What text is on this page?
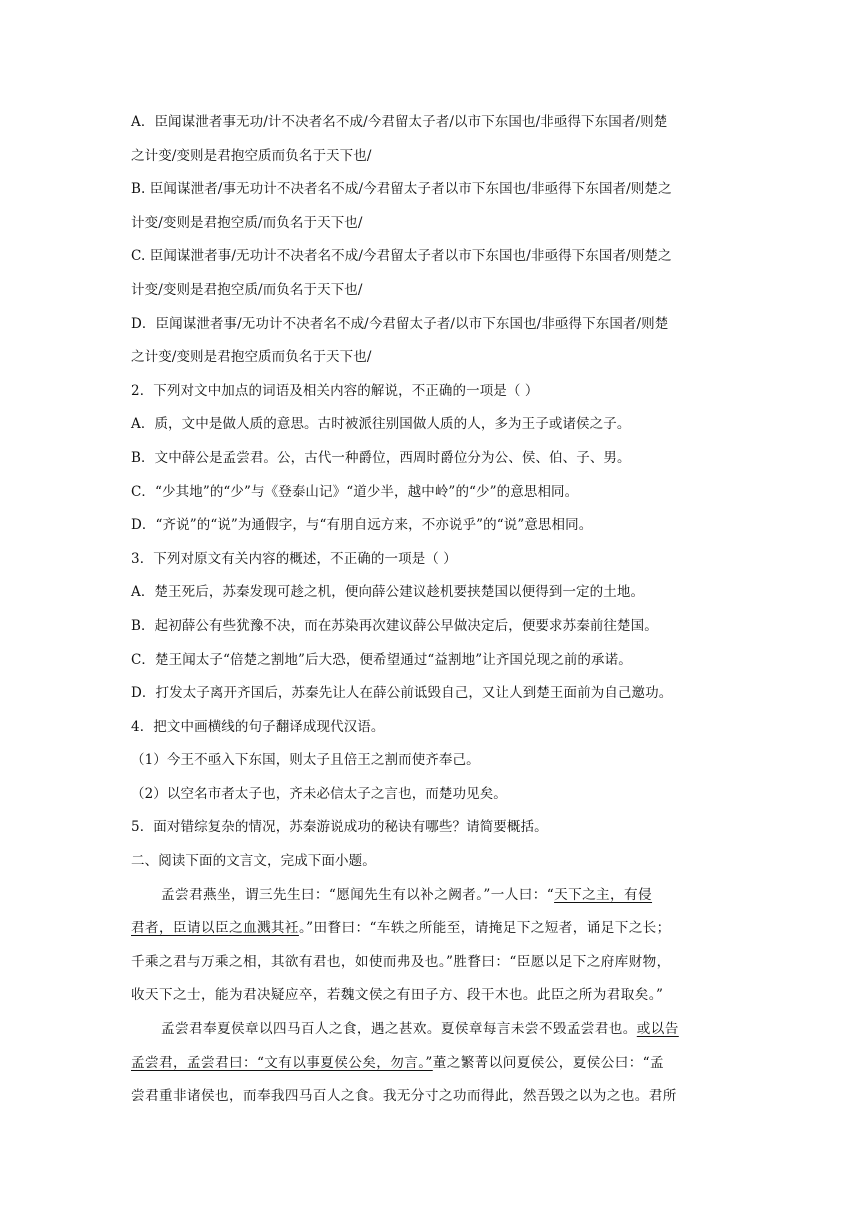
A．臣闻谋泄者事无功/计不决者名不成/今君留太子者/以市下东国也/非亟得下东国者/则楚
之计变/变则是君抱空质而负名于天下也/
B. 臣闻谋泄者/事无功计不决者名不成/今君留太子者以市下东国也/非亟得下东国者/则楚之
计变/变则是君抱空质/而负名于天下也/
C. 臣闻谋泄者事/无功计不决者名不成/今君留太子者以市下东国也/非亟得下东国者/则楚之
计变/变则是君抱空质/而负名于天下也/
D．臣闻谋泄者事/无功计不决者名不成/今君留太子者/以市下东国也/非亟得下东国者/则楚
之计变/变则是君抱空质而负名于天下也/
2．下列对文中加点的词语及相关内容的解说，不正确的一项是（ ）
A．质，文中是做人质的意思。古时被派往别国做人质的人，多为王子或诸侯之子。
B．文中薛公是孟尝君。公，古代一种爵位，西周时爵位分为公、侯、伯、子、男。
C．“少其地”的“少”与《登泰山记》“道少半，越中岭”的“少”的意思相同。
D．“齐说”的“说”为通假字，与“有朋自远方来，不亦说乎”的“说”意思相同。
3．下列对原文有关内容的概述，不正确的一项是（ ）
A．楚王死后，苏秦发现可趁之机，便向薛公建议趁机要挟楚国以便得到一定的土地。
B．起初薛公有些犹豫不决，而在苏染再次建议薛公早做决定后，便要求苏秦前往楚国。
C．楚王闻太子“倍楚之割地”后大恐，便希望通过“益割地”让齐国兑现之前的承诺。
D．打发太子离开齐国后，苏秦先让人在薛公前诋毁自己，又让人到楚王面前为自己邀功。
4．把文中画横线的句子翻译成现代汉语。
（1）今王不亟入下东国，则太子且倍王之割而使齐奉己。
（2）以空名市者太子也，齐未必信太子之言也，而楚功见矣。
5．面对错综复杂的情况，苏秦游说成功的秘诀有哪些？请简要概括。
二、阅读下面的文言文，完成下面小题。
孟尝君燕坐，谓三先生曰：“愿闻先生有以补之阙者。”一人曰：“天下之主，有侵
君者，臣请以臣之血溅其衽。”田瞀曰：“车轶之所能至，请掩足下之短者，诵足下之长；
千乘之君与万乘之相，其欲有君也，如使而弗及也。”胜瞀曰：“臣愿以足下之府库财物，
收天下之士，能为君决疑应卒，若魏文侯之有田子方、段干木也。此臣之所为君取矣。”
孟尝君奉夏侯章以四马百人之食，遇之甚欢。夏侯章每言未尝不毁孟尝君也。或以告
孟尝君，孟尝君曰：“文有以事夏侯公矣，勿言。”董之繁菁以问夏侯公，夏侯公曰：“孟
尝君重非诸侯也，而奉我四马百人之食。我无分寸之功而得此，然吾毁之以为之也。君所
